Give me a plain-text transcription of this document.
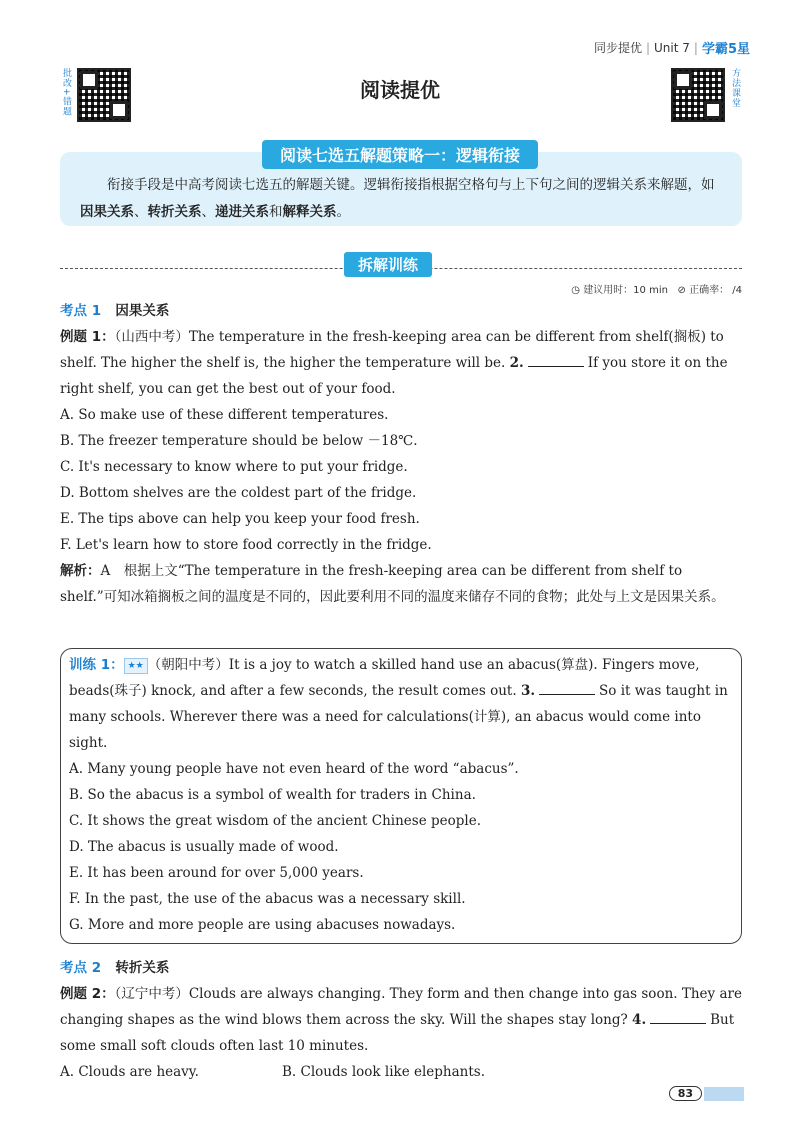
同步提优 | Unit 7 | 学霸5星
批改+错题	方法课堂
阅读提优
阅读七选五解题策略一：逻辑衔接
衔接手段是中高考阅读七选五的解题关键。逻辑衔接指根据空格句与上下句之间的逻辑关系来解题，如因果关系、转折关系、递进关系和解释关系。
拆解训练
◷ 建议用时：10 min ⊘ 正确率： /4
考点 1 因果关系
例题 1：（山西中考）The temperature in the fresh-keeping area can be different from shelf(搁板) to shelf. The higher the shelf is, the higher the temperature will be. 2.	If you store it on the right shelf, you can get the best out of your food.
A. So make use of these different temperatures.
B. The freezer temperature should be below －18℃.
C. It's necessary to know where to put your fridge.
D. Bottom shelves are the coldest part of the fridge.
E. The tips above can help you keep your food fresh.
F. Let's learn how to store food correctly in the fridge.
解析：A　根据上文“The temperature in the fresh-keeping area can be different from shelf to shelf.”可知冰箱搁板之间的温度是不同的，因此要利用不同的温度来储存不同的食物；此处与上文是因果关系。
训练 1： ★★ （朝阳中考）It is a joy to watch a skilled hand use an abacus(算盘). Fingers move, beads(珠子) knock, and after a few seconds, the result comes out. 3.	So it was taught in many schools. Wherever there was a need for calculations(计算), an abacus would come into sight.
A. Many young people have not even heard of the word “abacus”.
B. So the abacus is a symbol of wealth for traders in China.
C. It shows the great wisdom of the ancient Chinese people.
D. The abacus is usually made of wood.
E. It has been around for over 5,000 years.
F. In the past, the use of the abacus was a necessary skill.
G. More and more people are using abacuses nowadays.
考点 2 转折关系
例题 2：（辽宁中考）Clouds are always changing. They form and then change into gas soon. They are changing shapes as the wind blows them across the sky. Will the shapes stay long? 4.	But some small soft clouds often last 10 minutes.
A. Clouds are heavy.	B. Clouds look like elephants.
83
